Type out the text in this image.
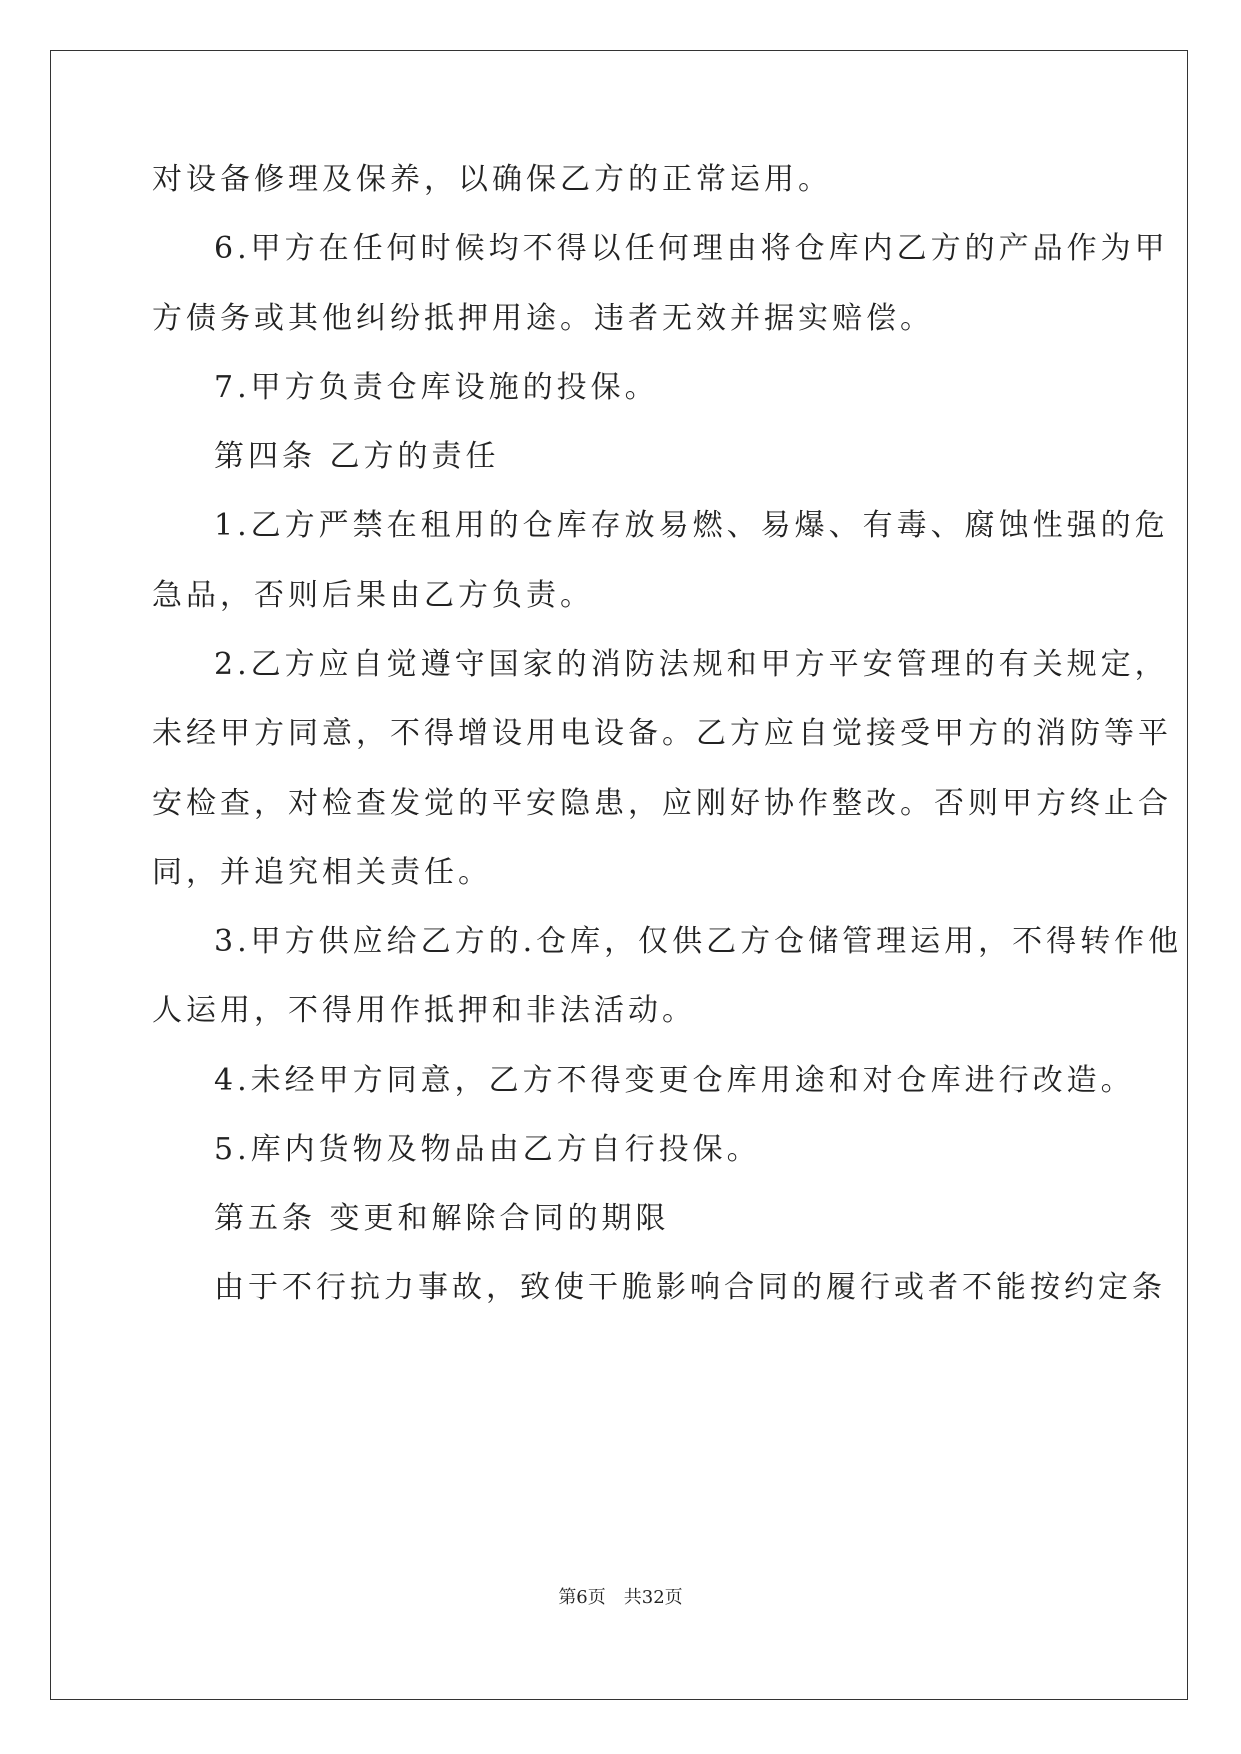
对设备修理及保养，以确保乙方的正常运用。
6.甲方在任何时候均不得以任何理由将仓库内乙方的产品作为甲
方债务或其他纠纷抵押用途。违者无效并据实赔偿。
7.甲方负责仓库设施的投保。
第四条 乙方的责任
1.乙方严禁在租用的仓库存放易燃、易爆、有毒、腐蚀性强的危
急品，否则后果由乙方负责。
2.乙方应自觉遵守国家的消防法规和甲方平安管理的有关规定，
未经甲方同意，不得增设用电设备。乙方应自觉接受甲方的消防等平
安检查，对检查发觉的平安隐患，应刚好协作整改。否则甲方终止合
同，并追究相关责任。
3.甲方供应给乙方的.仓库，仅供乙方仓储管理运用，不得转作他
人运用，不得用作抵押和非法活动。
4.未经甲方同意，乙方不得变更仓库用途和对仓库进行改造。
5.库内货物及物品由乙方自行投保。
第五条 变更和解除合同的期限
由于不行抗力事故，致使干脆影响合同的履行或者不能按约定条
第6页　共32页
